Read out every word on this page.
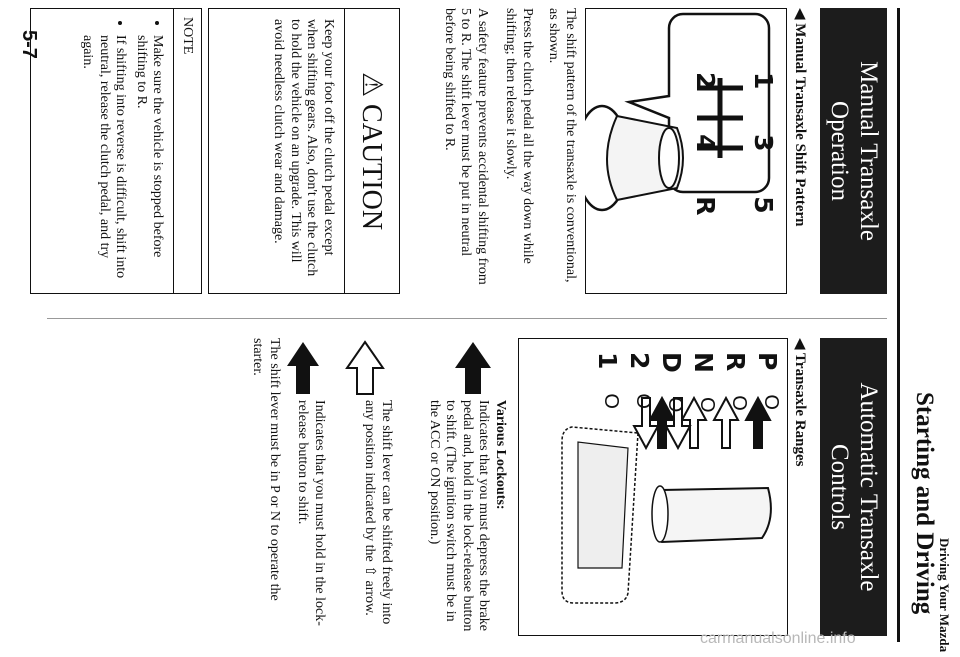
Driving Your Mazda
Starting and Driving
Manual Transaxle Operation
◀ Manual Transaxle Shift Pattern
1 3 5
2 4 R
The shift pattern of the transaxle is conventional, as shown.
Press the clutch pedal all the way down while shifting; then release it slowly.
A safety feature prevents accidental shifting from 5 to R. The shift lever must be put in neutral before being shifted to R.
⚠ CAUTION
Keep your foot off the clutch pedal except when shifting gears. Also, don't use the clutch to hold the vehicle on an upgrade. This will avoid needless clutch wear and damage.
NOTE
• Make sure the vehicle is stopped before shifting to R.
• If shifting into reverse is difficult, shift into neutral, release the clutch pedal, and try again.
Automatic Transaxle Controls
◀ Transaxle Ranges
P
O
R
O
N
O
D
O
2
O
1
O
Various Lockouts:
Indicates that you must depress the brake pedal and, hold in the lock-release button to shift. (The ignition switch must be in the ACC or ON position.)
The shift lever can be shifted freely into any position indicated by the ⇧ arrow.
Indicates that you must hold in the lock-release button to shift.
The shift lever must be in P or N to operate the starter.
5-7
carmanualsonline.info
